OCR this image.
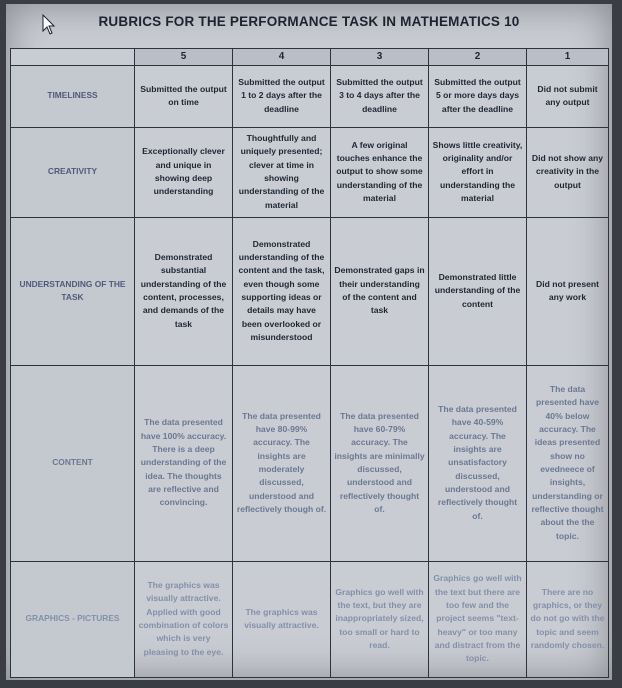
RUBRICS FOR THE PERFORMANCE TASK IN MATHEMATICS 10
	5	4	3	2	1
TIMELINESS	Submitted the output on time	Submitted the output 1 to 2 days after the deadline	Submitted the output 3 to 4 days after the deadline	Submitted the output 5 or more days days after the deadline	Did not submit any output
CREATIVITY	Exceptionally clever and unique in showing deep understanding	Thoughtfully and uniquely presented; clever at time in showing understanding of the material	A few original touches enhance the output to show some understanding of the material	Shows little creativity, originality and/or effort in understanding the material	Did not show any creativity in the output
UNDERSTANDING OF THE TASK	Demonstrated substantial understanding of the content, processes, and demands of the task	Demonstrated understanding of the content and the task, even though some supporting ideas or details may have been overlooked or misunderstood	Demonstrated gaps in their understanding of the content and task	Demonstrated little understanding of the content	Did not present any work
CONTENT	The data presented have 100% accuracy. There is a deep understanding of the idea. The thoughts are reflective and convincing.	The data presented have 80-99% accuracy. The insights are moderately discussed, understood and reflectively though of.	The data presented have 60-79% accuracy. The insights are minimally discussed, understood and reflectively thought of.	The data presented have 40-59% accuracy. The insights are unsatisfactory discussed, understood and reflectively thought of.	The data presented have 40% below accuracy. The ideas presented show no evedneece of insights, understanding or reflective thought about the the topic.
GRAPHICS - PICTURES	The graphics was visually attractive. Applied with good combination of colors which is very pleasing to the eye.	The graphics was visually attractive.	Graphics go well with the text, but they are inappropriately sized, too small or hard to read.	Graphics go well with the text but there are too few and the project seems "text-heavy" or too many and distract from the topic.	There are no graphics, or they do not go with the topic and seem randomly chosen.
